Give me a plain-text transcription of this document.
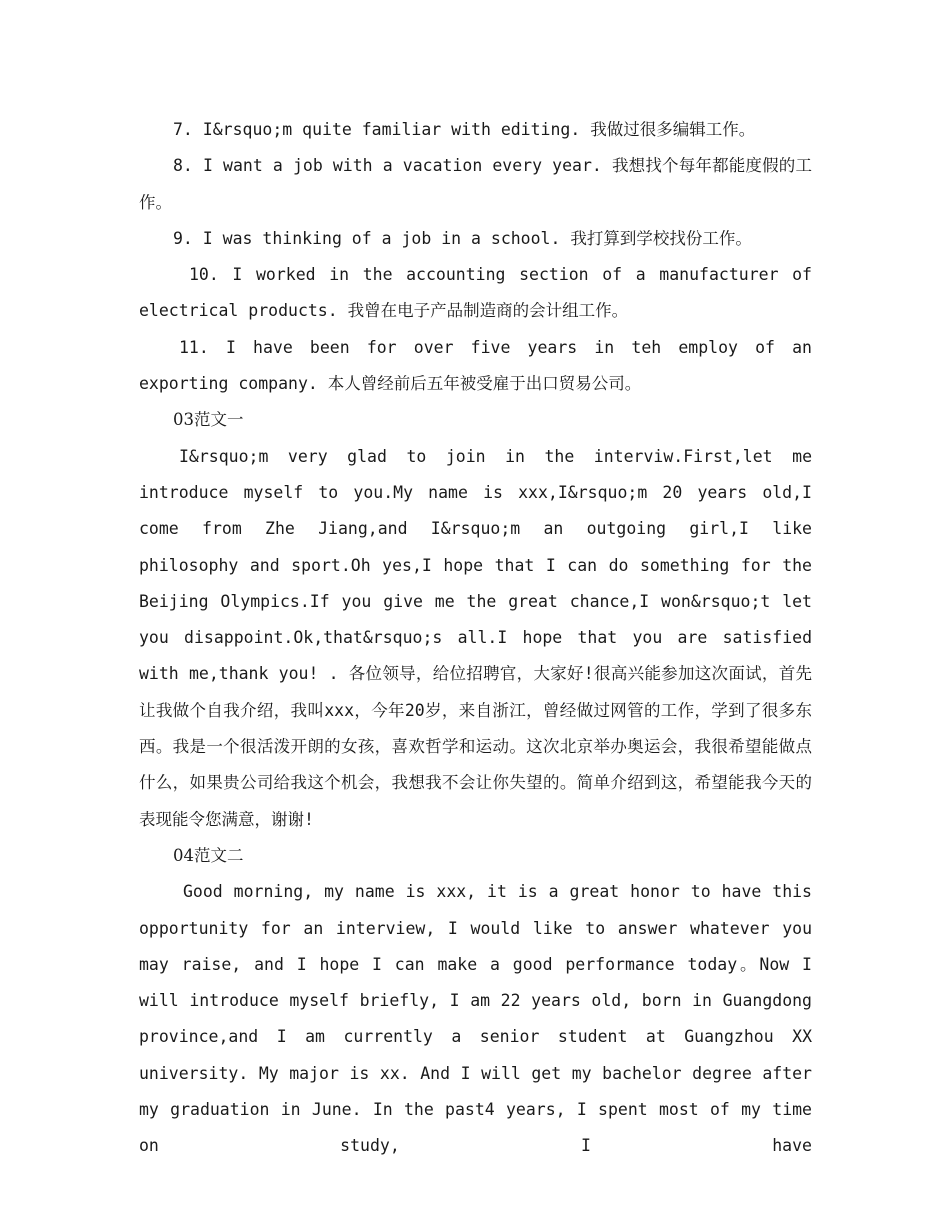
7. I&rsquo;m quite familiar with editing. 我做过很多编辑工作。

8. I want a job with a vacation every year. 我想找个每年都能度假的工作。

9. I was thinking of a job in a school. 我打算到学校找份工作。

10. I worked in the accounting section of a manufacturer of electrical products. 我曾在电子产品制造商的会计组工作。

11. I have been for over five years in teh employ of an exporting company. 本人曾经前后五年被受雇于出口贸易公司。

03范文一

I&rsquo;m very glad to join in the interviw.First,let me introduce myself to you.My name is xxx,I&rsquo;m 20 years old,I come from Zhe Jiang,and I&rsquo;m an outgoing girl,I like philosophy and sport.Oh yes,I hope that I can do something for the Beijing Olympics.If you give me the great chance,I won&rsquo;t let you disappoint.Ok,that&rsquo;s all.I hope that you are satisfied with me,thank you! . 各位领导，给位招聘官，大家好!很高兴能参加这次面试，首先让我做个自我介绍，我叫xxx，今年20岁，来自浙江，曾经做过网管的工作，学到了很多东西。我是一个很活泼开朗的女孩，喜欢哲学和运动。这次北京举办奥运会，我很希望能做点什么，如果贵公司给我这个机会，我想我不会让你失望的。简单介绍到这，希望能我今天的表现能令您满意，谢谢!

04范文二

Good morning, my name is xxx, it is a great honor to have this opportunity for an interview, I would like to answer whatever you may raise, and I hope I can make a good performance today。Now I will introduce myself briefly, I am 22 years old, born in Guangdong province,and I am currently a senior student at Guangzhou XX university. My major is xx. And I will get my bachelor degree after my graduation in June. In the past4 years, I spent most of my time on study, I have
